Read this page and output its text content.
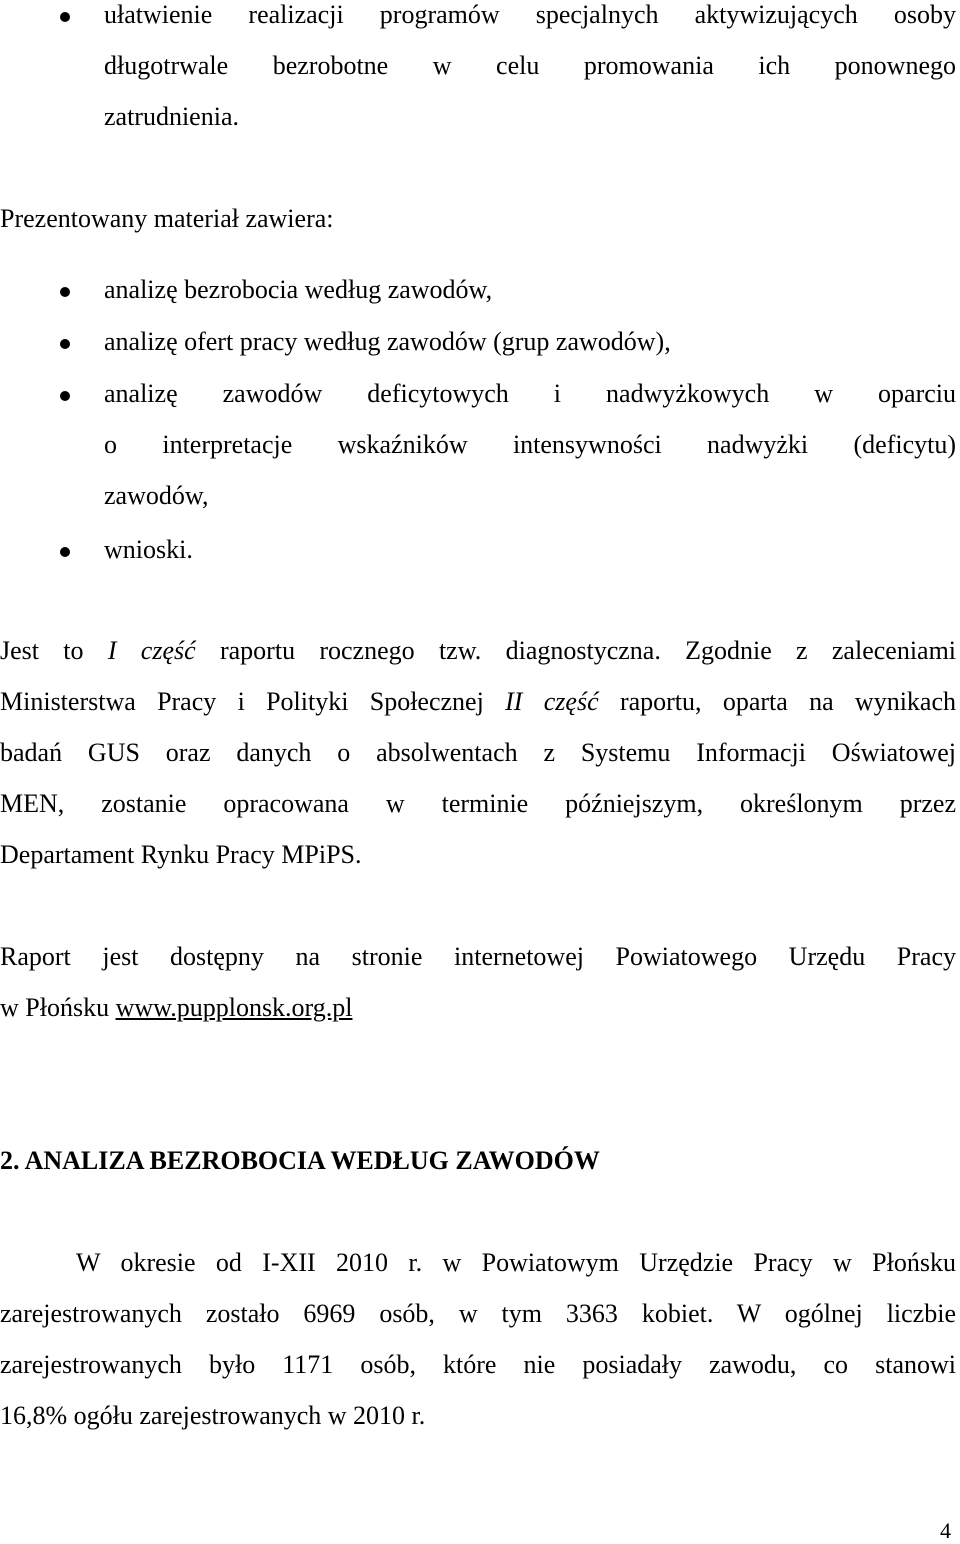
ułatwienie realizacji programów specjalnych aktywizujących osoby

długotrwale bezrobotne w celu promowania ich ponownego

zatrudnienia.

Prezentowany materiał zawiera:

analizę bezrobocia według zawodów,

analizę ofert pracy według zawodów (grup zawodów),

analizę zawodów deficytowych i nadwyżkowych w oparciu

o interpretacje wskaźników intensywności nadwyżki (deficytu)

zawodów,

wnioski.

Jest to I część raportu rocznego tzw. diagnostyczna. Zgodnie z zaleceniami

Ministerstwa Pracy i Polityki Społecznej II część raportu, oparta na wynikach

badań GUS oraz danych o absolwentach z Systemu Informacji Oświatowej

MEN, zostanie opracowana w terminie późniejszym, określonym przez

Departament Rynku Pracy MPiPS.

Raport jest dostępny na stronie internetowej Powiatowego Urzędu Pracy

w Płońsku www.pupplonsk.org.pl

2. ANALIZA BEZROBOCIA WEDŁUG ZAWODÓW

W okresie od I-XII 2010 r. w Powiatowym Urzędzie Pracy w Płońsku

zarejestrowanych zostało 6969 osób, w tym 3363 kobiet. W ogólnej liczbie

zarejestrowanych było 1171 osób, które nie posiadały zawodu, co stanowi

16,8% ogółu zarejestrowanych w 2010 r.

4
